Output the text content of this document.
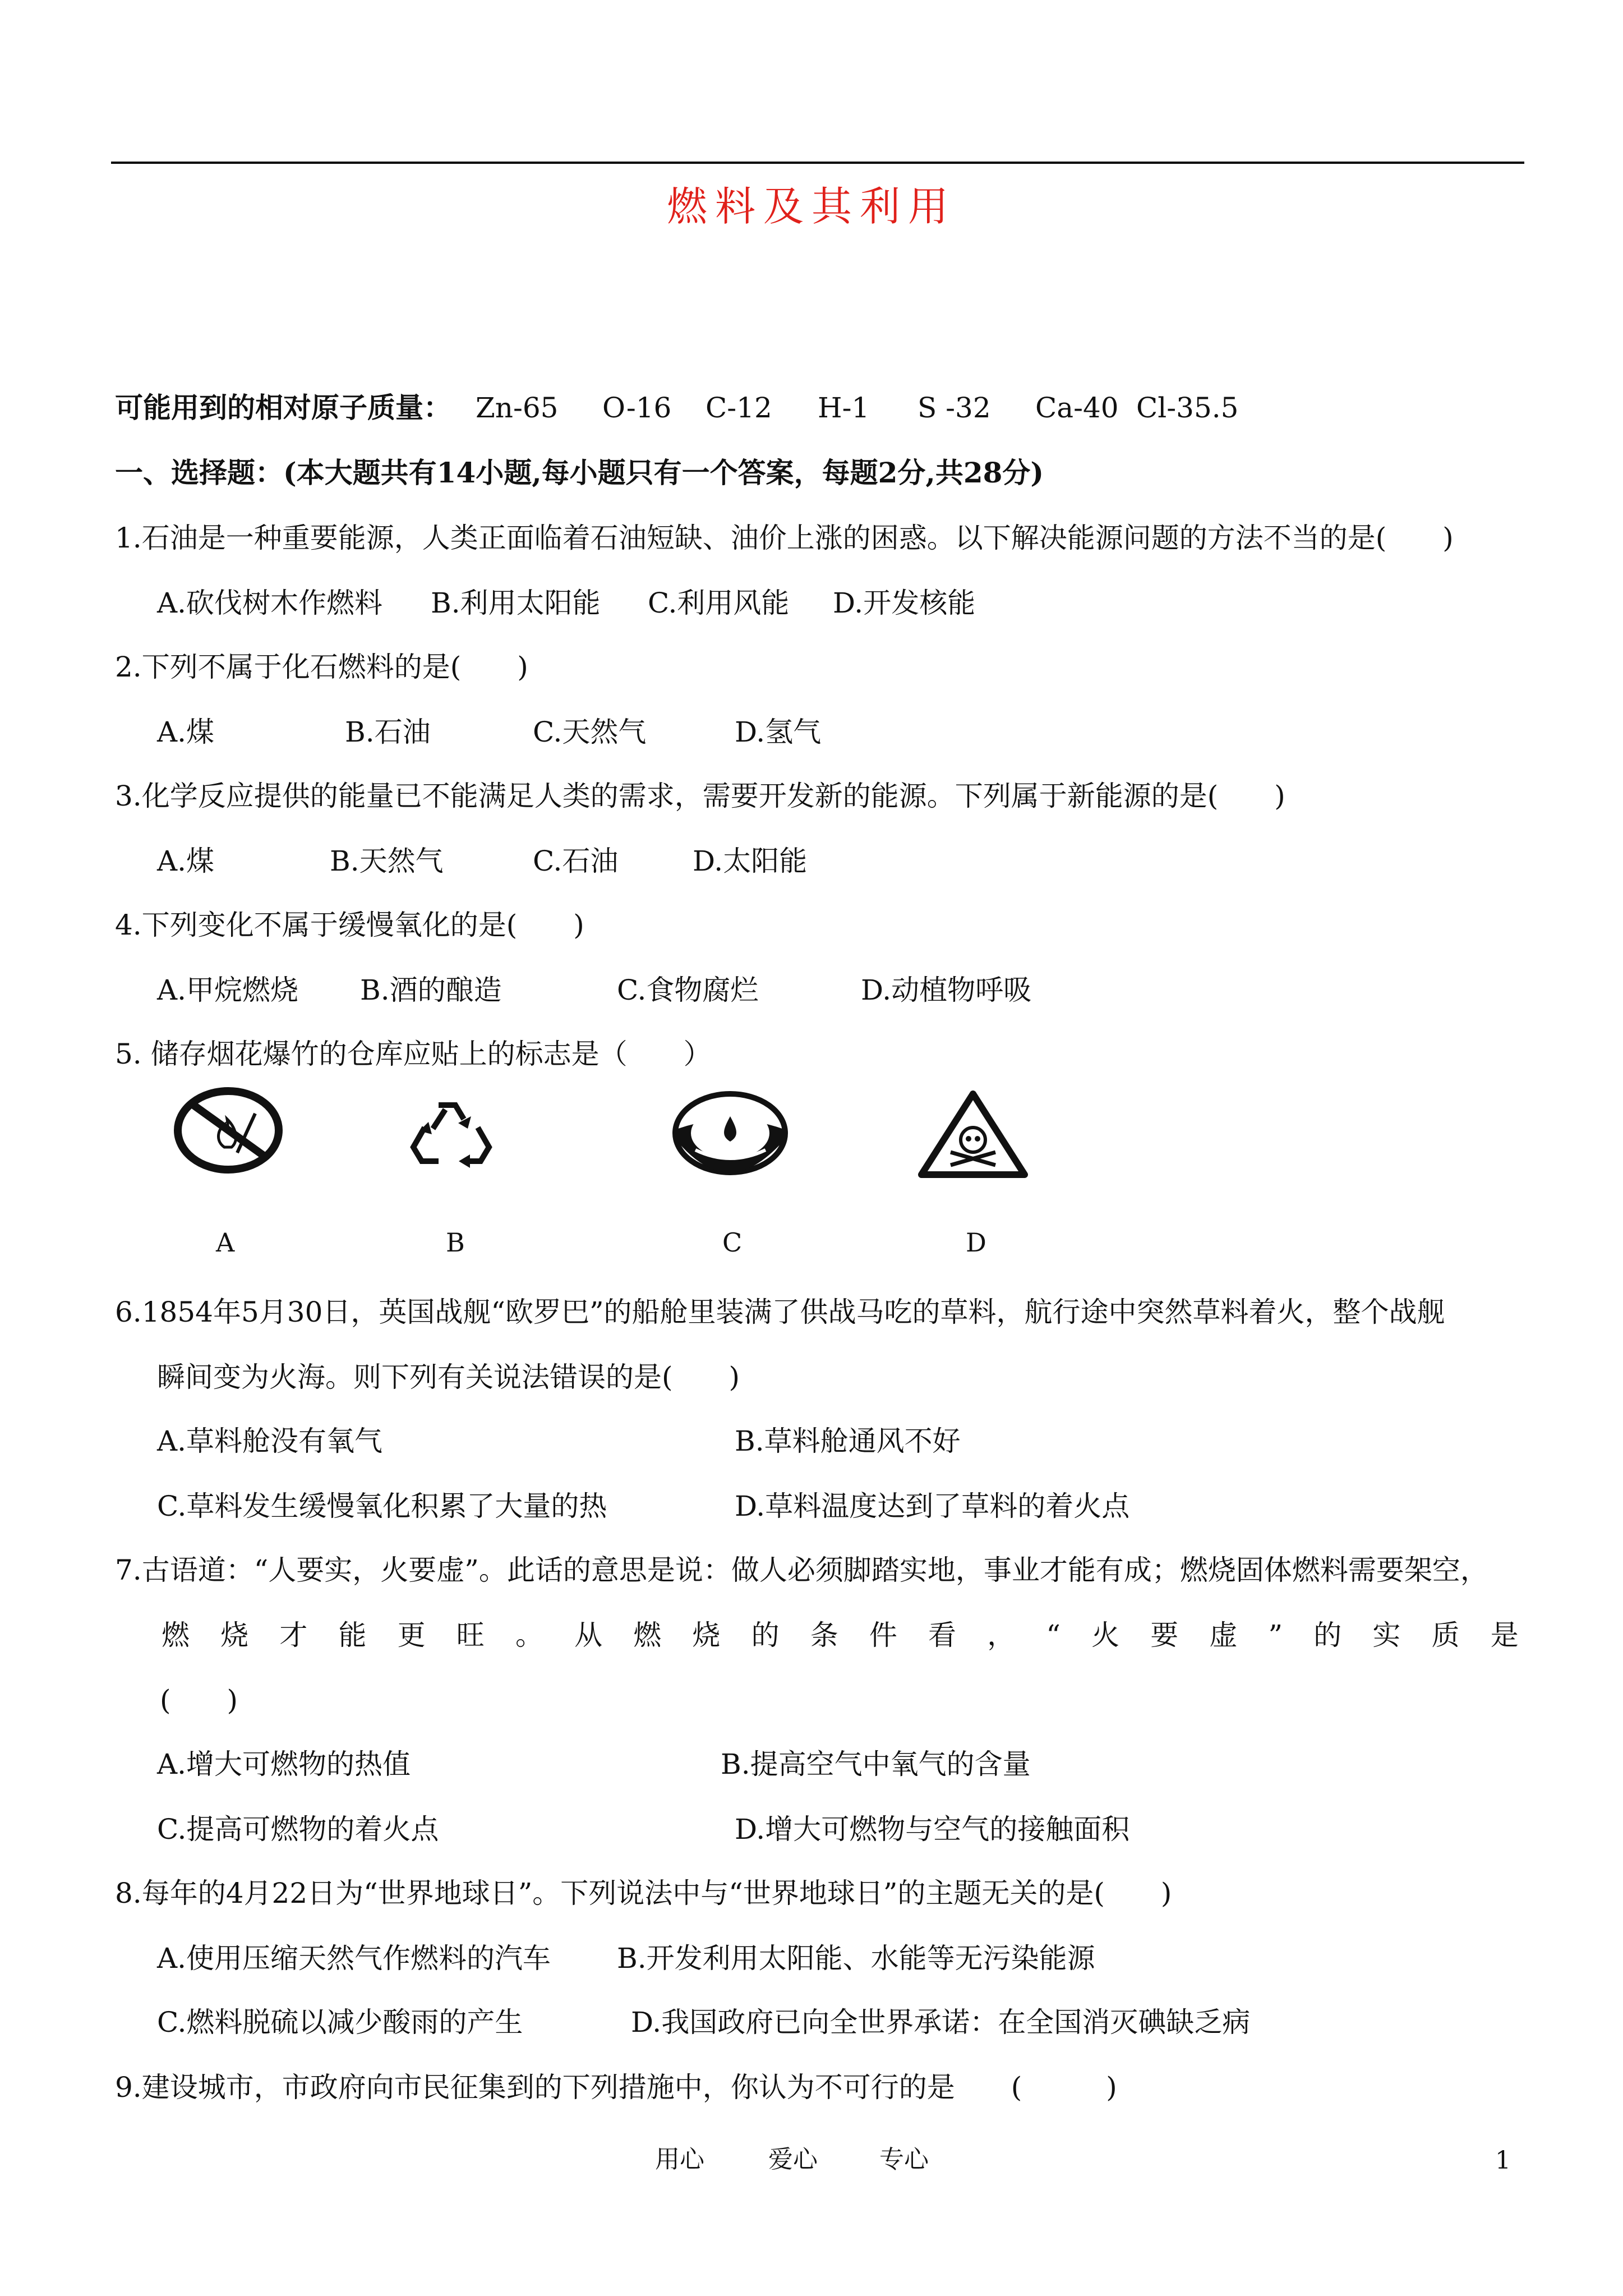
燃料及其利用
可能用到的相对原子质量： Zn-65 O-16 C-12 H-1 S -32 Ca-40 Cl-35.5
一、选择题：(本大题共有14小题,每小题只有一个答案，每题2分,共28分)
1.石油是一种重要能源，人类正面临着石油短缺、油价上涨的困惑。以下解决能源问题的方法不当的是(　　)
A.砍伐树木作燃料 B.利用太阳能 C.利用风能 D.开发核能
2.下列不属于化石燃料的是(　　)
A.煤	B.石油	C.天然气	D.氢气
3.化学反应提供的能量已不能满足人类的需求，需要开发新的能源。下列属于新能源的是(　　)
A.煤	B.天然气	C.石油	D.太阳能
4.下列变化不属于缓慢氧化的是(　　)
A.甲烷燃烧 B.酒的酿造	C.食物腐烂	D.动植物呼吸
5. 储存烟花爆竹的仓库应贴上的标志是（　　）
A	B	C	D
6.1854年5月30日，英国战舰“欧罗巴”的船舱里装满了供战马吃的草料，航行途中突然草料着火，整个战舰
瞬间变为火海。则下列有关说法错误的是(　　)
A.草料舱没有氧气	B.草料舱通风不好
C.草料发生缓慢氧化积累了大量的热	D.草料温度达到了草料的着火点
7.古语道：“人要实，火要虚”。此话的意思是说：做人必须脚踏实地，事业才能有成；燃烧固体燃料需要架空，
燃 烧 才 能 更 旺 。 从 燃 烧 的 条 件 看 ， “ 火 要 虚 ” 的 实 质 是
(　　)
A.增大可燃物的热值	B.提高空气中氧气的含量
C.提高可燃物的着火点	D.增大可燃物与空气的接触面积
8.每年的4月22日为“世界地球日”。下列说法中与“世界地球日”的主题无关的是(　　)
A.使用压缩天然气作燃料的汽车 B.开发利用太阳能、水能等无污染能源
C.燃料脱硫以减少酸雨的产生	D.我国政府已向全世界承诺：在全国消灭碘缺乏病
9.建设城市，市政府向市民征集到的下列措施中，你认为不可行的是　　(　　　)
用心	爱心	专心	1
